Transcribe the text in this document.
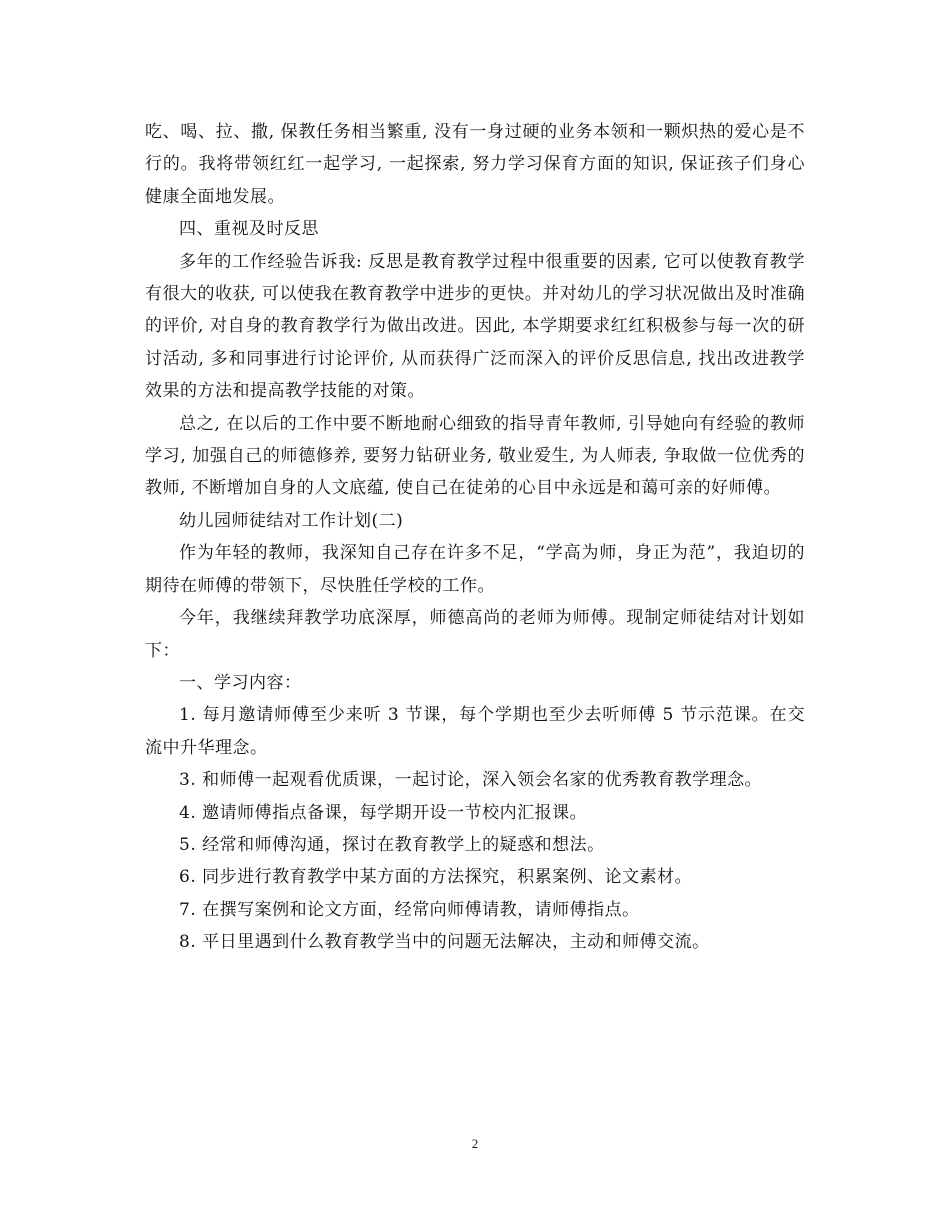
吃、喝、拉、撒, 保教任务相当繁重, 没有一身过硬的业务本领和一颗炽热的爱心是不行的。我将带领红红一起学习, 一起探索, 努力学习保育方面的知识, 保证孩子们身心健康全面地发展。

四、重视及时反思

多年的工作经验告诉我: 反思是教育教学过程中很重要的因素, 它可以使教育教学有很大的收获, 可以使我在教育教学中进步的更快。并对幼儿的学习状况做出及时准确的评价, 对自身的教育教学行为做出改进。因此, 本学期要求红红积极参与每一次的研讨活动, 多和同事进行讨论评价, 从而获得广泛而深入的评价反思信息, 找出改进教学效果的方法和提高教学技能的对策。

总之, 在以后的工作中要不断地耐心细致的指导青年教师, 引导她向有经验的教师学习, 加强自己的师德修养, 要努力钻研业务, 敬业爱生, 为人师表, 争取做一位优秀的教师, 不断增加自身的人文底蕴, 使自己在徒弟的心目中永远是和蔼可亲的好师傅。

幼儿园师徒结对工作计划(二)

作为年轻的教师，我深知自己存在许多不足，“学高为师，身正为范”，我迫切的期待在师傅的带领下，尽快胜任学校的工作。

今年，我继续拜教学功底深厚，师德高尚的老师为师傅。现制定师徒结对计划如下：

一、学习内容：

1. 每月邀请师傅至少来听 3 节课，每个学期也至少去听师傅 5 节示范课。在交流中升华理念。

3. 和师傅一起观看优质课，一起讨论，深入领会名家的优秀教育教学理念。

4. 邀请师傅指点备课，每学期开设一节校内汇报课。

5. 经常和师傅沟通，探讨在教育教学上的疑惑和想法。

6. 同步进行教育教学中某方面的方法探究，积累案例、论文素材。

7. 在撰写案例和论文方面，经常向师傅请教，请师傅指点。

8. 平日里遇到什么教育教学当中的问题无法解决，主动和师傅交流。

2
